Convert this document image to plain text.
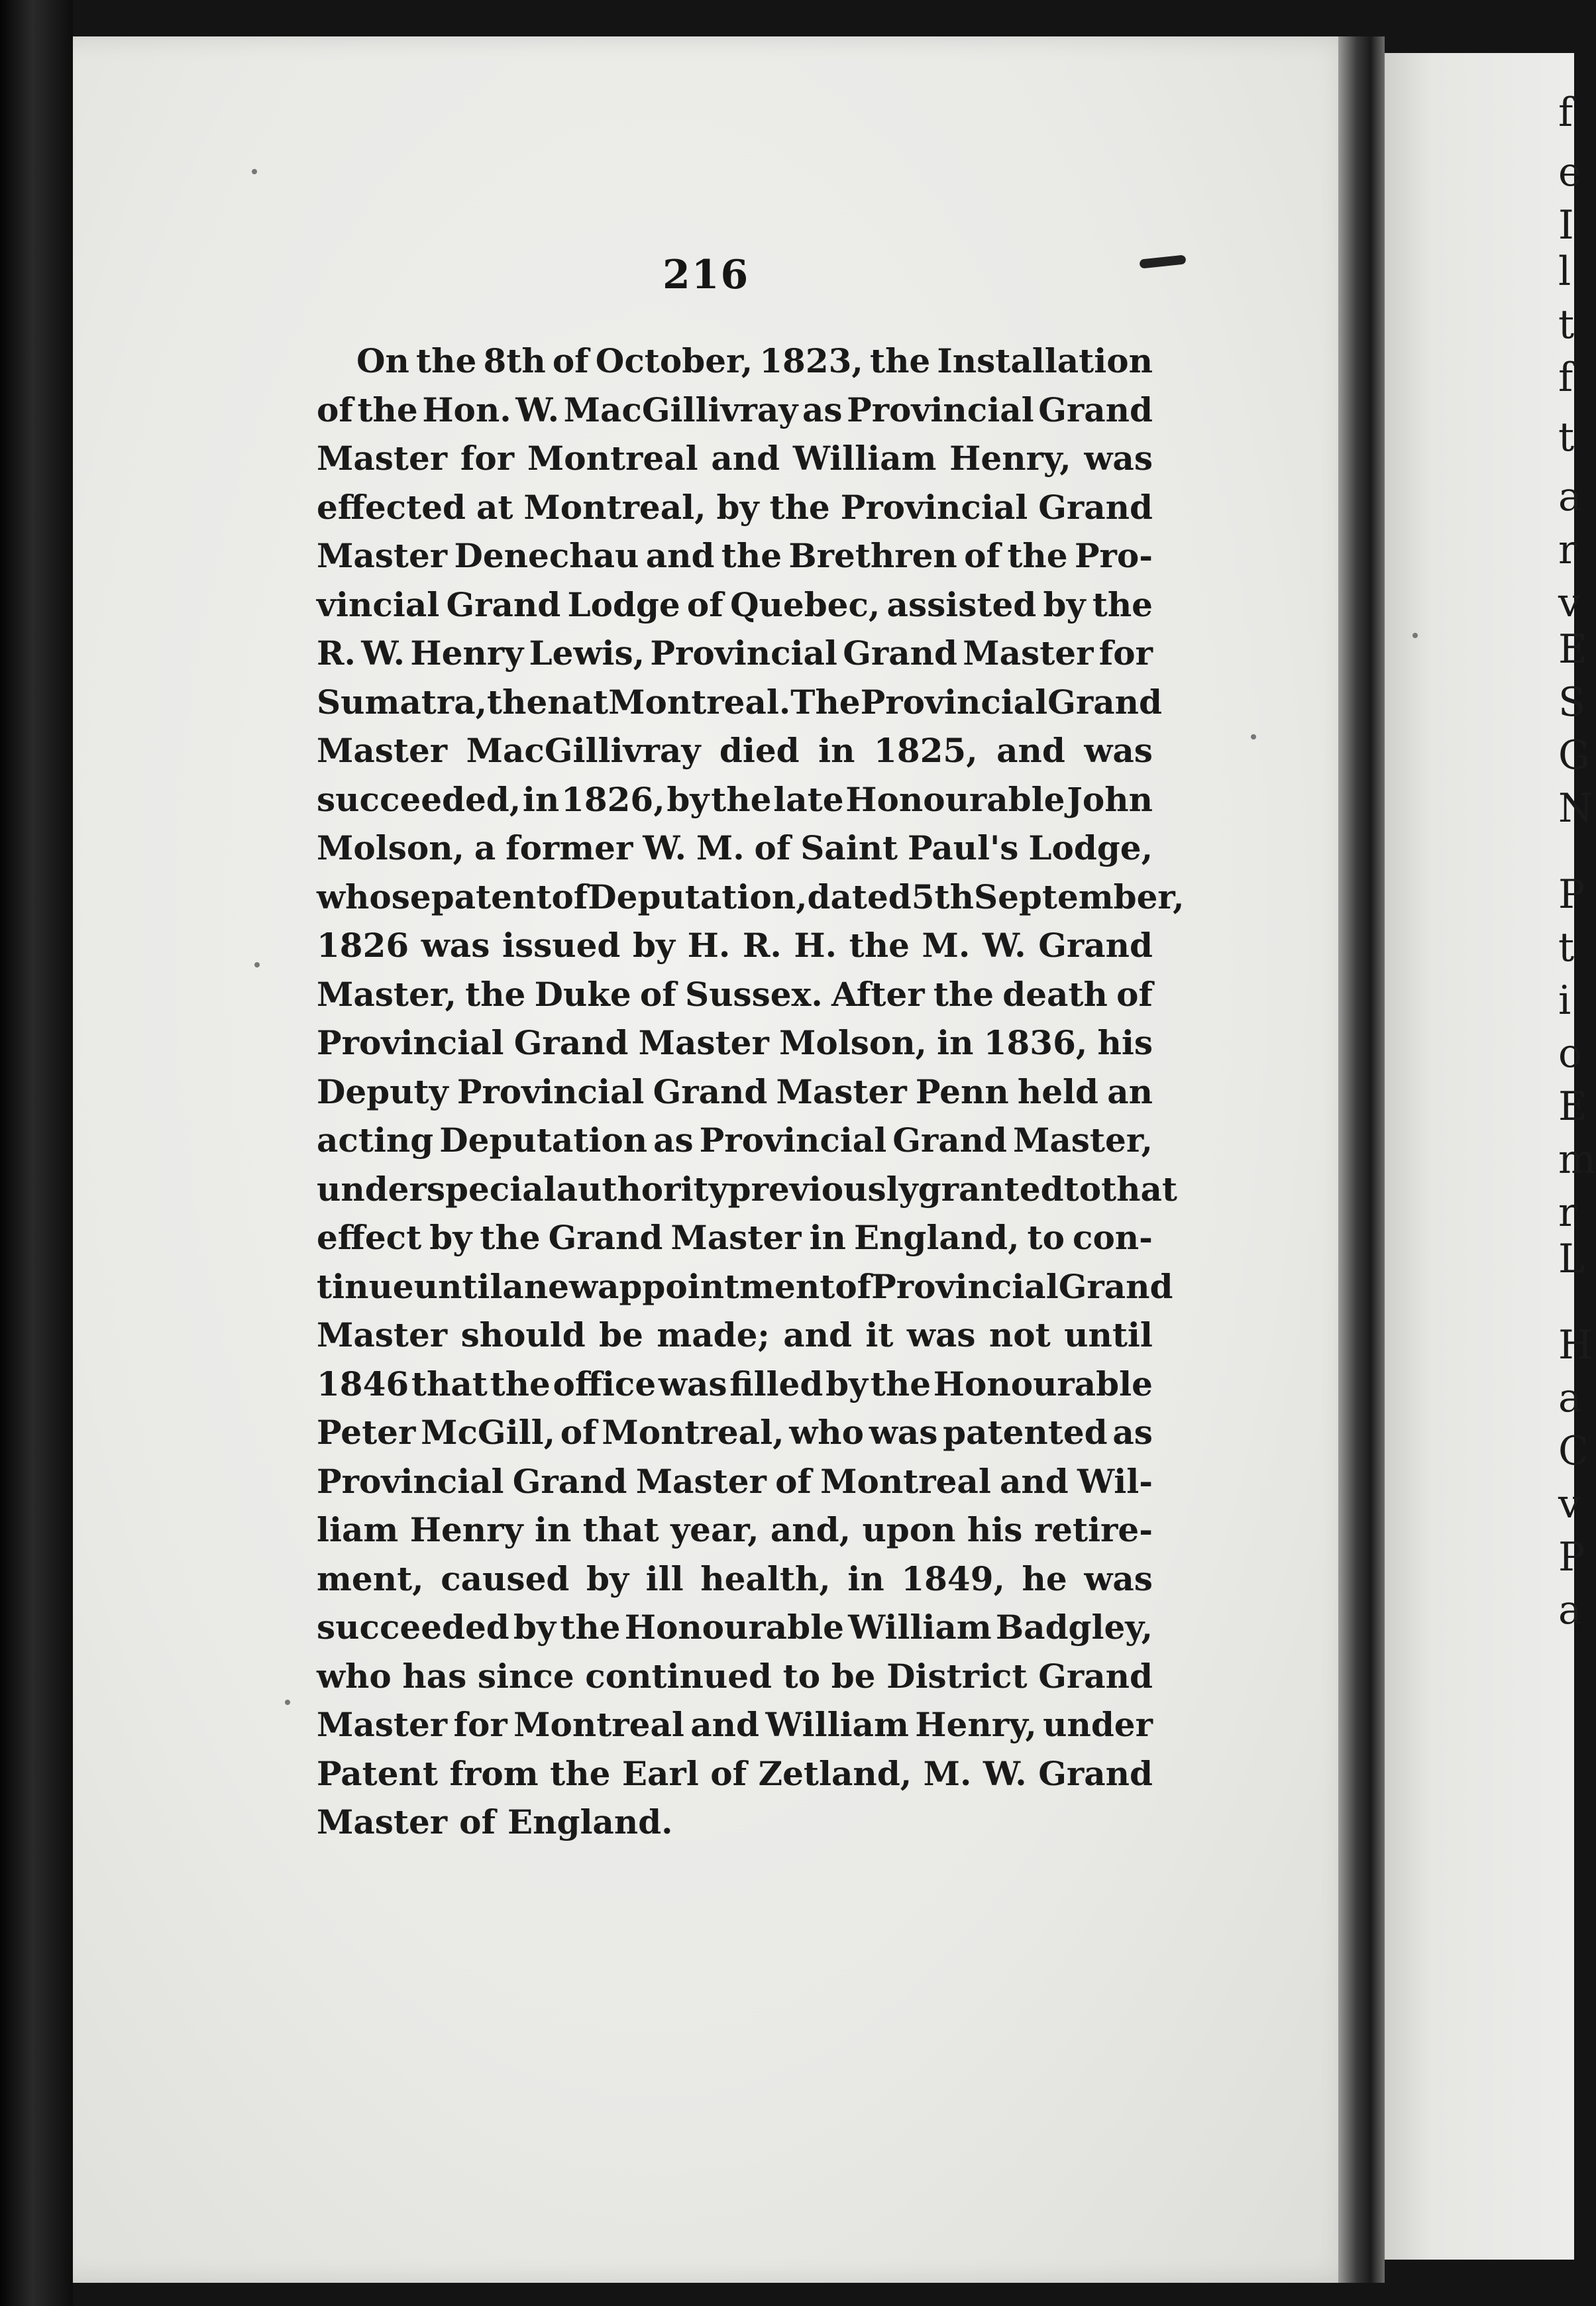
f
e
I
l
t
f
t
a
r
v
E
S
G
N
P
t
i
o
E
m
r
L
H
a
C
v
P
a
216
On the 8th of October, 1823, the Installation
of the Hon. W. MacGillivray as Provincial Grand
Master for Montreal and William Henry, was
effected at Montreal, by the Provincial Grand
Master Denechau and the Brethren of the Pro-
vincial Grand Lodge of Quebec, assisted by the
R. W. Henry Lewis, Provincial Grand Master for
Sumatra, then at Montreal. The Provincial Grand
Master MacGillivray died in 1825, and was
succeeded, in 1826, by the late Honourable John
Molson, a former W. M. of Saint Paul's Lodge,
whose patent of Deputation, dated 5th September,
1826 was issued by H. R. H. the M. W. Grand
Master, the Duke of Sussex. After the death of
Provincial Grand Master Molson, in 1836, his
Deputy Provincial Grand Master Penn held an
acting Deputation as Provincial Grand Master,
under special authority previously granted to that
effect by the Grand Master in England, to con-
tinue until a new appointment of Provincial Grand
Master should be made; and it was not until
1846 that the office was filled by the Honourable
Peter McGill, of Montreal, who was patented as
Provincial Grand Master of Montreal and Wil-
liam Henry in that year, and, upon his retire-
ment, caused by ill health, in 1849, he was
succeeded by the Honourable William Badgley,
who has since continued to be District Grand
Master for Montreal and William Henry, under
Patent from the Earl of Zetland, M. W. Grand
Master of England.
